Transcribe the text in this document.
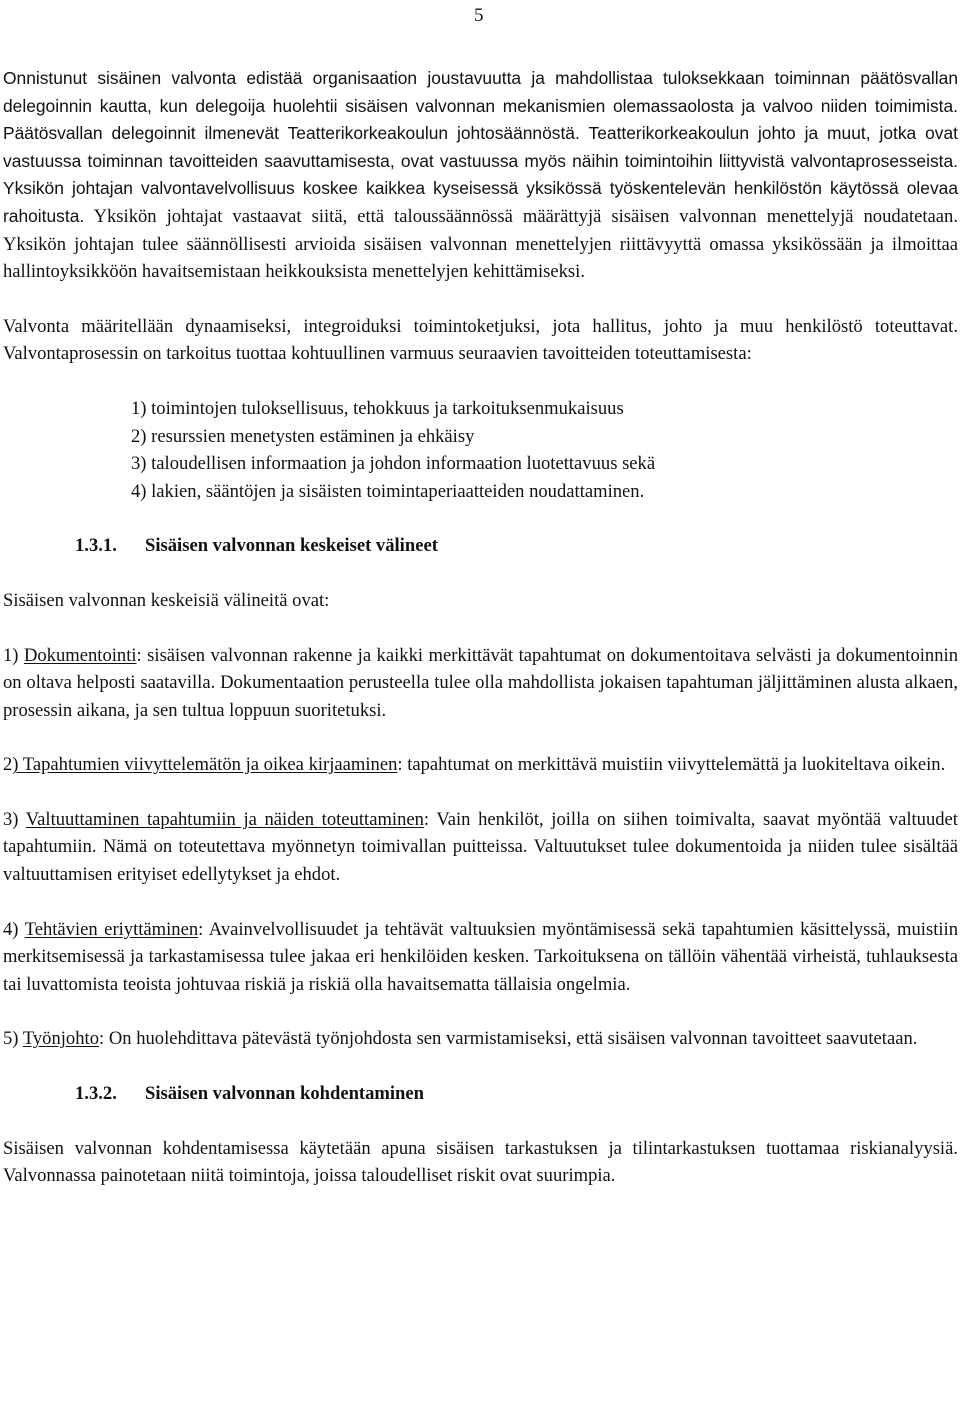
5

Onnistunut sisäinen valvonta edistää organisaation joustavuutta ja mahdollistaa tuloksekkaan toiminnan päätösvallan delegoinnin kautta, kun delegoija huolehtii sisäisen valvonnan mekanismien olemassaolosta ja valvoo niiden toimimista. Päätösvallan delegoinnit ilmenevät Teatterikorkeakoulun johtosäännöstä. Teatterikorkeakoulun johto ja muut, jotka ovat vastuussa toiminnan tavoitteiden saavuttamisesta, ovat vastuussa myös näihin toimintoihin liittyvistä valvontaprosesseista. Yksikön johtajan valvontavelvollisuus koskee kaikkea kyseisessä yksikössä työskentelevän henkilöstön käytössä olevaa rahoitusta. Yksikön johtajat vastaavat siitä, että taloussäännössä määrättyjä sisäisen valvonnan menettelyjä noudatetaan. Yksikön johtajan tulee säännöllisesti arvioida sisäisen valvonnan menettelyjen riittävyyttä omassa yksikössään ja ilmoittaa hallintoyksikköön havaitsemistaan heikkouksista menettelyjen kehittämiseksi.

Valvonta määritellään dynaamiseksi, integroiduksi toimintoketjuksi, jota hallitus, johto ja muu henkilöstö toteuttavat. Valvontaprosessin on tarkoitus tuottaa kohtuullinen varmuus seuraavien tavoitteiden toteuttamisesta:

1) toimintojen tuloksellisuus, tehokkuus ja tarkoituksenmukaisuus
2) resurssien menetysten estäminen ja ehkäisy
3) taloudellisen informaation ja johdon informaation luotettavuus sekä
4) lakien, sääntöjen ja sisäisten toimintaperiaatteiden noudattaminen.
1.3.1.	Sisäisen valvonnan keskeiset välineet

Sisäisen valvonnan keskeisiä välineitä ovat:

1) Dokumentointi: sisäisen valvonnan rakenne ja kaikki merkittävät tapahtumat on dokumentoitava selvästi ja dokumentoinnin on oltava helposti saatavilla. Dokumentaation perusteella tulee olla mahdollista jokaisen tapahtuman jäljittäminen alusta alkaen, prosessin aikana, ja sen tultua loppuun suoritetuksi.

2) Tapahtumien viivyttelemätön ja oikea kirjaaminen: tapahtumat on merkittävä muistiin viivyttelemättä ja luokiteltava oikein.

3) Valtuuttaminen tapahtumiin ja näiden toteuttaminen: Vain henkilöt, joilla on siihen toimivalta, saavat myöntää valtuudet tapahtumiin. Nämä on toteutettava myönnetyn toimivallan puitteissa. Valtuutukset tulee dokumentoida ja niiden tulee sisältää valtuuttamisen erityiset edellytykset ja ehdot.

4) Tehtävien eriyttäminen: Avainvelvollisuudet ja tehtävät valtuuksien myöntämisessä sekä tapahtumien käsittelyssä, muistiin merkitsemisessä ja tarkastamisessa tulee jakaa eri henkilöiden kesken. Tarkoituksena on tällöin vähentää virheistä, tuhlauksesta tai luvattomista teoista johtuvaa riskiä ja riskiä olla havaitsematta tällaisia ongelmia.

5) Työnjohto: On huolehdittava pätevästä työnjohdosta sen varmistamiseksi, että sisäisen valvonnan tavoitteet saavutetaan.

1.3.2.	Sisäisen valvonnan kohdentaminen

Sisäisen valvonnan kohdentamisessa käytetään apuna sisäisen tarkastuksen ja tilintarkastuksen tuottamaa riskianalyysiä. Valvonnassa painotetaan niitä toimintoja, joissa taloudelliset riskit ovat suurimpia.
